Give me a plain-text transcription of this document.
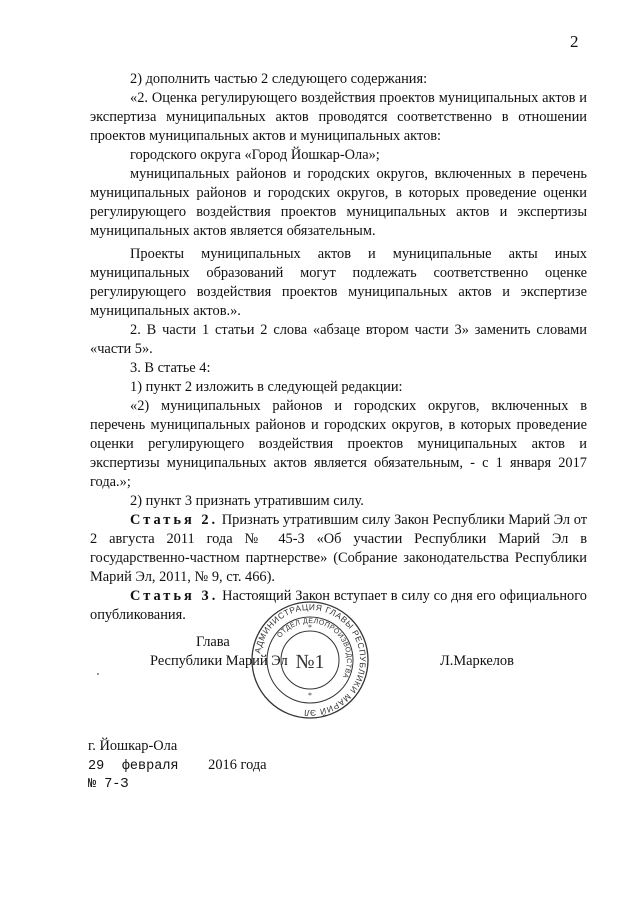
2

2) дополнить частью 2 следующего содержания:

«2. Оценка регулирующего воздействия проектов муниципальных актов и экспертиза муниципальных актов проводятся соответственно в отношении проектов муниципальных актов и муниципальных актов:

городского округа «Город Йошкар-Ола»;

муниципальных районов и городских округов, включенных в перечень муниципальных районов и городских округов, в которых проведение оценки регулирующего воздействия проектов муниципальных актов и экспертизы муниципальных актов является обязательным.

Проекты муниципальных актов и муниципальные акты иных муниципальных образований могут подлежать соответственно оценке регулирующего воздействия проектов муниципальных актов и экспертизе муниципальных актов.».

2. В части 1 статьи 2 слова «абзаце втором части 3» заменить словами «части 5».

3. В статье 4:

1) пункт 2 изложить в следующей редакции:

«2) муниципальных районов и городских округов, включенных в перечень муниципальных районов и городских округов, в которых проведение оценки регулирующего воздействия проектов муниципальных актов и экспертизы муниципальных актов является обязательным, - с 1 января 2017 года.»;

2) пункт 3 признать утратившим силу.

Статья 2. Признать утратившим силу Закон Республики Марий Эл от 2 августа 2011 года № 45-З «Об участии Республики Марий Эл в государственно-частном партнерстве» (Собрание законодательства Республики Марий Эл, 2011, № 9, ст. 466).

Статья 3. Настоящий Закон вступает в силу со дня его официального опубликования.

Глава
Республики Марий Эл	Л.Маркелов
АДМИНИСТРАЦИЯ ГЛАВЫ РЕСПУБЛИКИ МАРИЙ ЭЛ
ОТДЕЛ ДЕЛОПРОИЗВОДСТВА
№1
*
*
г. Йошкар-Ола
29 февраля 2016 года
№ 7-З
